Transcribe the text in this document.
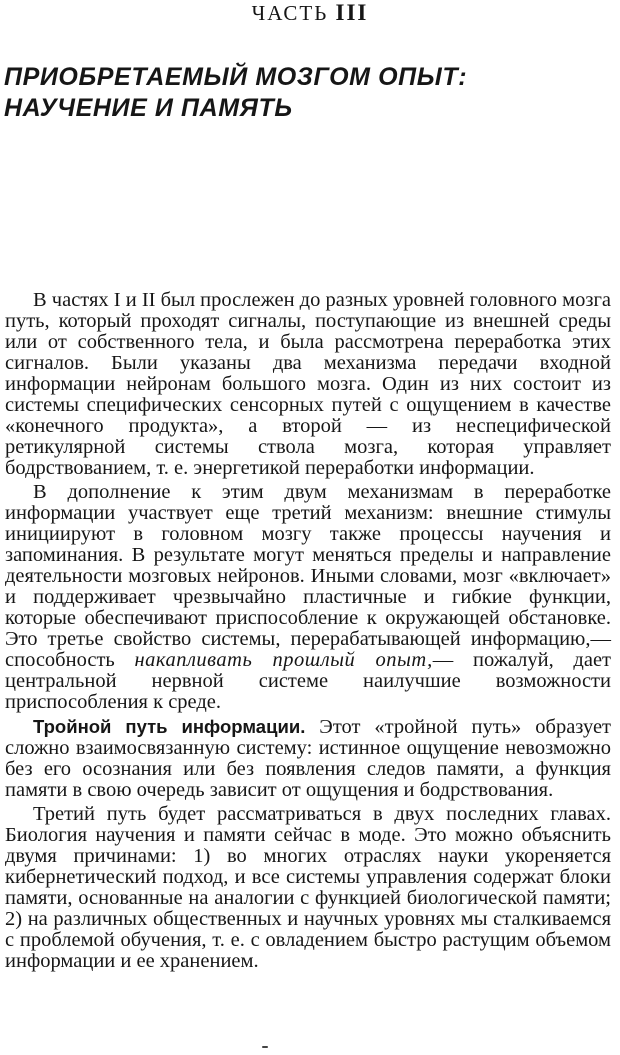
ЧАСТЬ III
ПРИОБРЕТАЕМЫЙ МОЗГОМ ОПЫТ:
НАУЧЕНИЕ И ПАМЯТЬ

В частях I и II был прослежен до разных уровней головного мозга путь, который проходят сигналы, поступающие из внешней среды или от собственного тела, и была рассмотрена переработка этих сигналов. Были указаны два механизма передачи входной информации нейронам большого мозга. Один из них состоит из системы специфических сенсорных путей с ощущением в качестве «конечного продукта», а второй — из неспецифической ретикулярной системы ствола мозга, которая управляет бодрствованием, т. е. энергетикой переработки информации.

В дополнение к этим двум механизмам в переработке информации участвует еще третий механизм: внешние стимулы инициируют в головном мозгу также процессы научения и запоминания. В результате могут меняться пределы и направление деятельности мозговых нейронов. Иными словами, мозг «включает» и поддерживает чрезвычайно пластичные и гибкие функции, которые обеспечивают приспособление к окружающей обстановке. Это третье свойство системы, перерабатывающей информацию,— способность накапливать прошлый опыт,— пожалуй, дает центральной нервной системе наилучшие возможности приспособления к среде.

Тройной путь информации. Этот «тройной путь» образует сложно взаимосвязанную систему: истинное ощущение невозможно без его осознания или без появления следов памяти, а функция памяти в свою очередь зависит от ощущения и бодрствования.

Третий путь будет рассматриваться в двух последних главах. Биология научения и памяти сейчас в моде. Это можно объяснить двумя причинами: 1) во многих отраслях науки укореняется кибернетический подход, и все системы управления содержат блоки памяти, основанные на аналогии с функцией биологической памяти; 2) на различных общественных и научных уровнях мы сталкиваемся с проблемой обучения, т. е. с овладением быстро растущим объемом информации и ее хранением.
